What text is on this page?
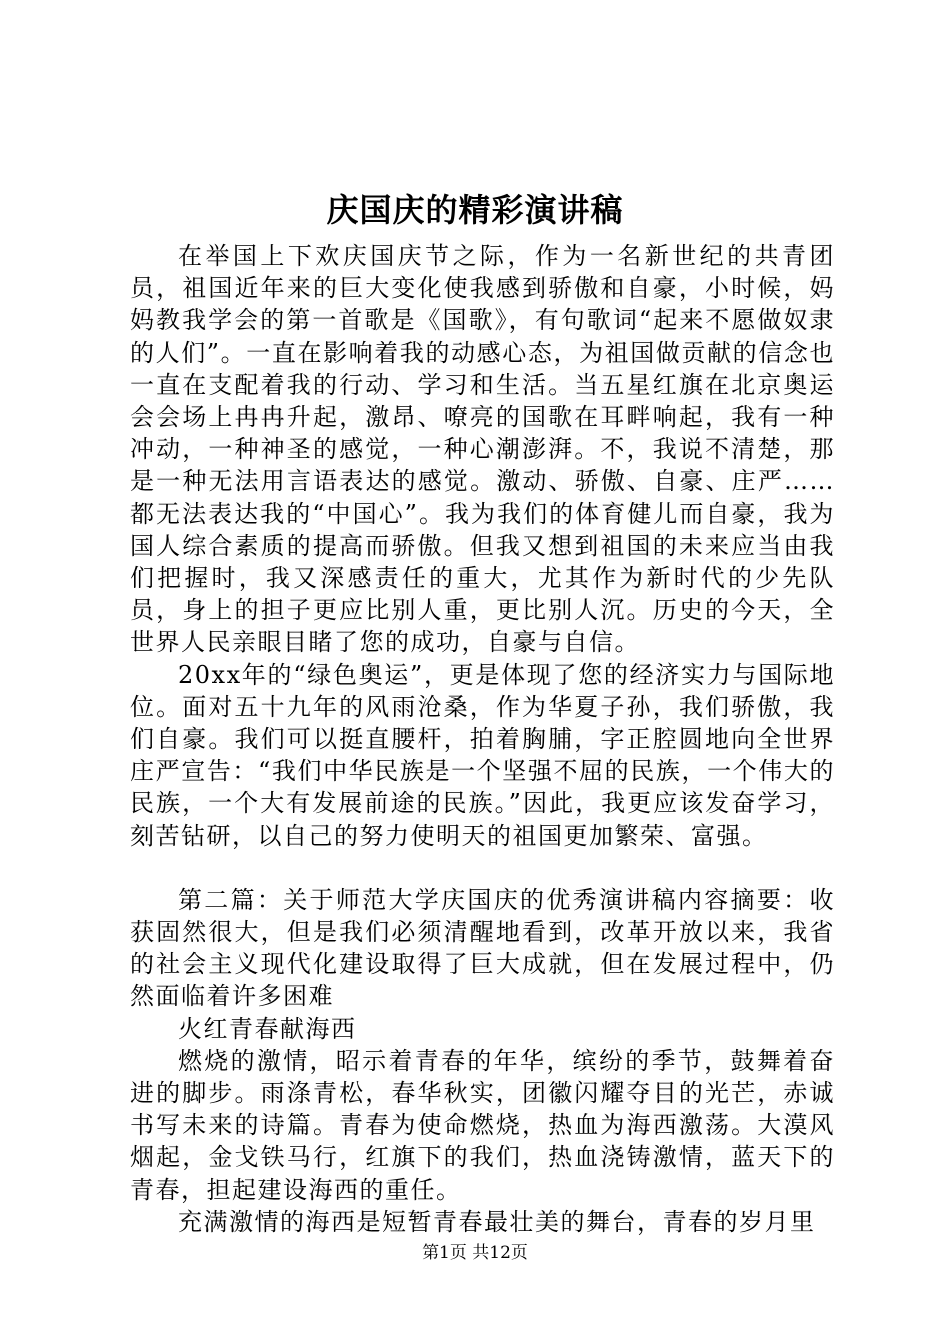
庆国庆的精彩演讲稿

在举国上下欢庆国庆节之际，作为一名新世纪的共青团员，祖国近年来的巨大变化使我感到骄傲和自豪，小时候，妈妈教我学会的第一首歌是《国歌》，有句歌词“起来不愿做奴隶的人们”。一直在影响着我的动感心态，为祖国做贡献的信念也一直在支配着我的行动、学习和生活。当五星红旗在北京奥运会会场上冉冉升起，激昂、嘹亮的国歌在耳畔响起，我有一种冲动，一种神圣的感觉，一种心潮澎湃。不，我说不清楚，那是一种无法用言语表达的感觉。激动、骄傲、自豪、庄严……都无法表达我的“中国心”。我为我们的体育健儿而自豪，我为国人综合素质的提高而骄傲。但我又想到祖国的未来应当由我们把握时，我又深感责任的重大，尤其作为新时代的少先队员，身上的担子更应比别人重，更比别人沉。历史的今天，全世界人民亲眼目睹了您的成功，自豪与自信。

20xx年的“绿色奥运”，更是体现了您的经济实力与国际地位。面对五十九年的风雨沧桑，作为华夏子孙，我们骄傲，我们自豪。我们可以挺直腰杆，拍着胸脯，字正腔圆地向全世界庄严宣告：“我们中华民族是一个坚强不屈的民族，一个伟大的民族，一个大有发展前途的民族。”因此，我更应该发奋学习，刻苦钻研，以自己的努力使明天的祖国更加繁荣、富强。

第二篇：关于师范大学庆国庆的优秀演讲稿内容摘要：收获固然很大，但是我们必须清醒地看到，改革开放以来，我省的社会主义现代化建设取得了巨大成就，但在发展过程中，仍然面临着许多困难

火红青春献海西

燃烧的激情，昭示着青春的年华，缤纷的季节，鼓舞着奋进的脚步。雨涤青松，春华秋实，团徽闪耀夺目的光芒，赤诚书写未来的诗篇。青春为使命燃烧，热血为海西激荡。大漠风烟起，金戈铁马行，红旗下的我们，热血浇铸激情，蓝天下的青春，担起建设海西的重任。

充满激情的海西是短暂青春最壮美的舞台，青春的岁月里

第1页 共12页
